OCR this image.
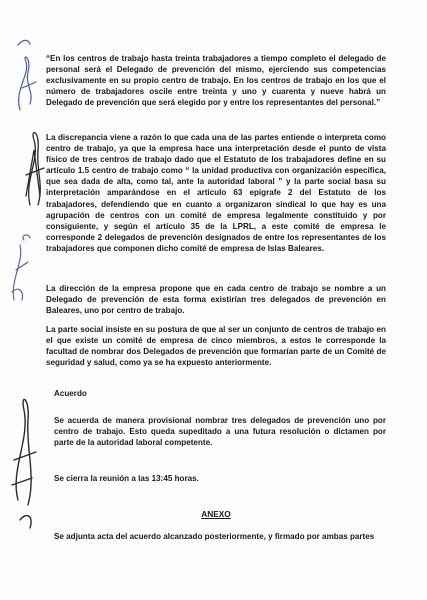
“En los centros de trabajo hasta treinta trabajadores a tiempo completo el delegado de personal será el Delegado de prevención del mismo, ejerciendo sus competencias exclusivamente en su propio centro de trabajo. En los centros de trabajo en los que el número de trabajadores oscile entre treinta y uno y cuarenta y nueve habrá un Delegado de prevención que será elegido por y entre los representantes del personal.”

La discrepancia viene a razón lo que cada una de las partes entiende o interpreta como centro de trabajo, ya que la empresa hace una interpretación desde el punto de vista físico de tres centros de trabajo dado que el Estatuto de los trabajadores define en su artículo 1.5 centro de trabajo como “ la unidad productiva con organización específica, que sea dada de alta, como tal, ante la autoridad laboral ” y la parte social basa su interpretación amparándose en el artículo 63 epígrafe 2 del Estatuto de los trabajadores, defendiendo que en cuanto a organizaron sindical lo que hay es una agrupación de centros con un comité de empresa legalmente constituido y por consiguiente, y según el artículo 35 de la LPRL, a este comité de empresa le corresponde 2 delegados de prevención designados de entre los representantes de los trabajadores que componen dicho comité de empresa de Islas Baleares.

La dirección de la empresa propone que en cada centro de trabajo se nombre a un Delegado de prevención de esta forma existirían tres delegados de prevención en Baleares, uno por centro de trabajo.

La parte social insiste en su postura de que al ser un conjunto de centros de trabajo en el que existe un comité de empresa de cinco miembros, a estos le corresponde la facultad de nombrar dos Delegados de prevención que formarían parte de un Comité de seguridad y salud, como ya se ha expuesto anteriormente.

Acuerdo

Se acuerda de manera provisional nombrar tres delegados de prevención uno por centro de trabajo. Esto queda supeditado a una futura resolución o dictamen por parte de la autoridad laboral competente.

Se cierra la reunión a las 13:45 horas.

ANEXO

Se adjunta acta del acuerdo alcanzado posteriormente, y firmado por ambas partes
